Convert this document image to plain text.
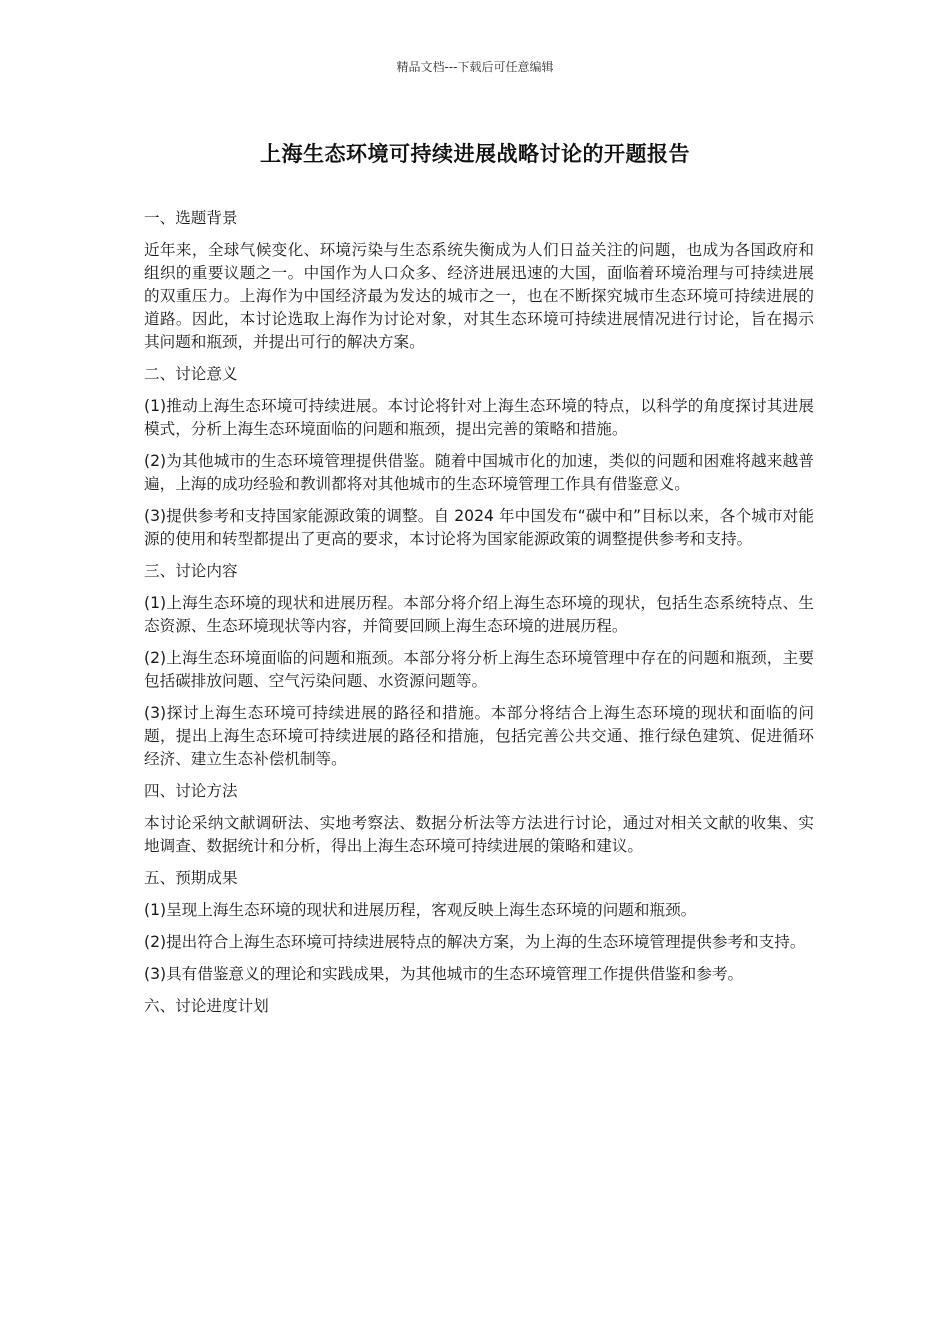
精品文档---下载后可任意编辑
上海生态环境可持续进展战略讨论的开题报告
一、选题背景

近年来，全球气候变化、环境污染与生态系统失衡成为人们日益关注的问题，也成为各国政府和组织的重要议题之一。中国作为人口众多、经济进展迅速的大国，面临着环境治理与可持续进展的双重压力。上海作为中国经济最为发达的城市之一，也在不断探究城市生态环境可持续进展的道路。因此，本讨论选取上海作为讨论对象，对其生态环境可持续进展情况进行讨论，旨在揭示其问题和瓶颈，并提出可行的解决方案。

二、讨论意义

(1)推动上海生态环境可持续进展。本讨论将针对上海生态环境的特点，以科学的角度探讨其进展模式，分析上海生态环境面临的问题和瓶颈，提出完善的策略和措施。

(2)为其他城市的生态环境管理提供借鉴。随着中国城市化的加速，类似的问题和困难将越来越普遍，上海的成功经验和教训都将对其他城市的生态环境管理工作具有借鉴意义。

(3)提供参考和支持国家能源政策的调整。自 2024 年中国发布“碳中和”目标以来，各个城市对能源的使用和转型都提出了更高的要求，本讨论将为国家能源政策的调整提供参考和支持。

三、讨论内容

(1)上海生态环境的现状和进展历程。本部分将介绍上海生态环境的现状，包括生态系统特点、生态资源、生态环境现状等内容，并简要回顾上海生态环境的进展历程。

(2)上海生态环境面临的问题和瓶颈。本部分将分析上海生态环境管理中存在的问题和瓶颈，主要包括碳排放问题、空气污染问题、水资源问题等。

(3)探讨上海生态环境可持续进展的路径和措施。本部分将结合上海生态环境的现状和面临的问题，提出上海生态环境可持续进展的路径和措施，包括完善公共交通、推行绿色建筑、促进循环经济、建立生态补偿机制等。

四、讨论方法

本讨论采纳文献调研法、实地考察法、数据分析法等方法进行讨论，通过对相关文献的收集、实地调查、数据统计和分析，得出上海生态环境可持续进展的策略和建议。

五、预期成果

(1)呈现上海生态环境的现状和进展历程，客观反映上海生态环境的问题和瓶颈。

(2)提出符合上海生态环境可持续进展特点的解决方案，为上海的生态环境管理提供参考和支持。

(3)具有借鉴意义的理论和实践成果，为其他城市的生态环境管理工作提供借鉴和参考。

六、讨论进度计划
